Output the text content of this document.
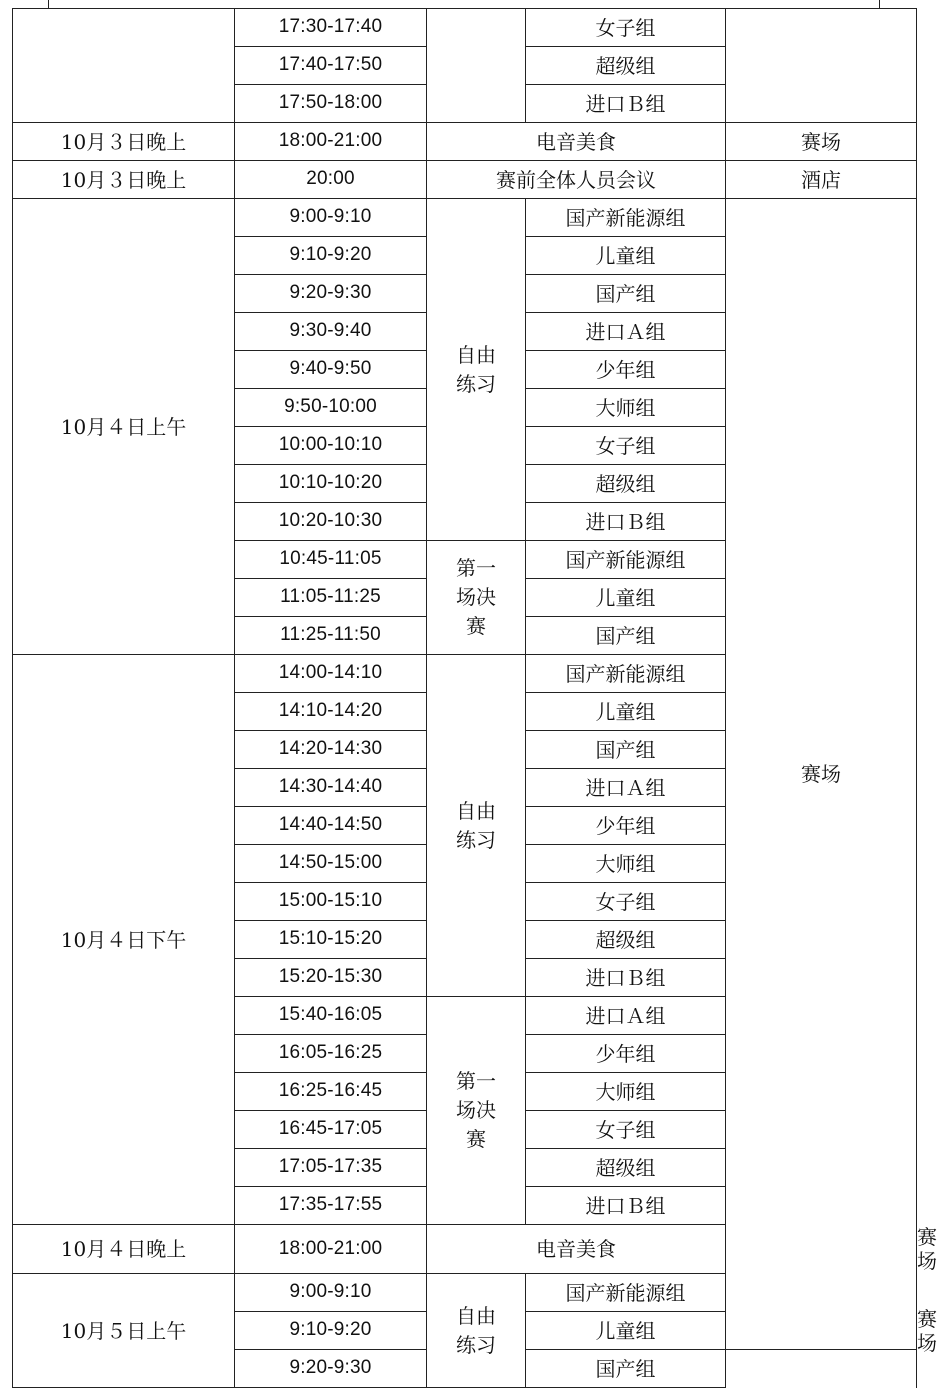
	17:30-17:40		女子组		
	17:40-17:50		超级组		
	17:50-18:00		进口Ｂ组		
10月３日晚上	18:00-21:00	电音美食		赛场	
10月３日晚上	20:00	赛前全体人员会议		酒店	
10月４日上午	9:00-9:10	自由练习	国产新能源组	赛场	
	9:10-9:20		儿童组		
	9:20-9:30		国产组		
	9:30-9:40		进口Ａ组		
	9:40-9:50		少年组		
	9:50-10:00		大师组		
	10:00-10:10		女子组		
	10:10-10:20		超级组		
	10:20-10:30		进口Ｂ组		
	10:45-11:05	第一场决赛	国产新能源组		
	11:05-11:25		儿童组		
	11:25-11:50		国产组		
10月４日下午	14:00-14:10	自由练习	国产新能源组		
	14:10-14:20		儿童组		
	14:20-14:30		国产组		
	14:30-14:40		进口Ａ组		
	14:40-14:50		少年组		
	14:50-15:00		大师组		
	15:00-15:10		女子组		
	15:10-15:20		超级组		
	15:20-15:30		进口Ｂ组		
	15:40-16:05	第一场决赛	进口Ａ组		
	16:05-16:25		少年组		
	16:25-16:45		大师组		
	16:45-17:05		女子组		
	17:05-17:35		超级组		
	17:35-17:55		进口Ｂ组		
10月４日晚上	18:00-21:00	电音美食			赛场
10月５日上午	9:00-9:10	自由练习	国产新能源组		赛场
	9:10-9:20		儿童组		
	9:20-9:30		国产组		
